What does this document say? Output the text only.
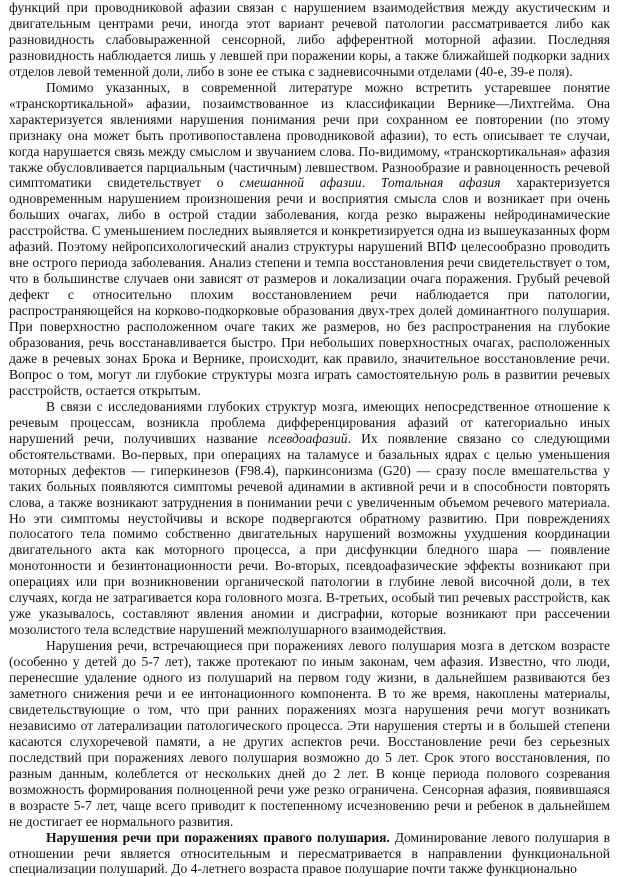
функций при проводниковой афазии связан с нарушением взаимодействия между акустическим и двигательным центрами речи, иногда этот вариант речевой патологии рассматривается либо как разновидность слабовыраженной сенсорной, либо афферентной моторной афазии. Последняя разновидность наблюдается лишь у левшей при поражении коры, а также ближайшей подкорки задних отделов левой теменной доли, либо в зоне ее стыка с задневисочными отделами (40-е, 39-е поля).

Помимо указанных, в современной литературе можно встретить устаревшее понятие «транскортикальной» афазии, позаимствованное из классификации Вернике—Лихтгейма. Она характеризуется явлениями нарушения понимания речи при сохранном ее повторении (по этому признаку она может быть противопоставлена проводниковой афазии), то есть описывает те случаи, когда нарушается связь между смыслом и звучанием слова. По-видимому, «транскортикальная» афазия также обусловливается парциальным (частичным) левшеством. Разнообразие и равноценность речевой симптоматики свидетельствует о смешанной афазии. Тотальная афазия характеризуется одновременным нарушением произношения речи и восприятия смысла слов и возникает при очень больших очагах, либо в острой стадии заболевания, когда резко выражены нейродинамические расстройства. С уменьшением последних выявляется и конкретизируется одна из вышеуказанных форм афазий. Поэтому нейропсихологический анализ структуры нарушений ВПФ целесообразно проводить вне острого периода заболевания. Анализ степени и темпа восстановления речи свидетельствует о том, что в большинстве случаев они зависят от размеров и локализации очага поражения. Грубый речевой дефект с относительно плохим восстановлением речи наблюдается при патологии, распространяющейся на корково-подкорковые образования двух-трех долей доминантного полушария. При поверхностно расположенном очаге таких же размеров, но без распространения на глубокие образования, речь восстанавливается быстро. При небольших поверхностных очагах, расположенных даже в речевых зонах Брока и Вернике, происходит, как правило, значительное восстановление речи. Вопрос о том, могут ли глубокие структуры мозга играть самостоятельную роль в развитии речевых расстройств, остается открытым.

В связи с исследованиями глубоких структур мозга, имеющих непосредственное отношение к речевым процессам, возникла проблема дифференцирования афазий от категориально иных нарушений речи, получивших название псевдоафазий. Их появление связано со следующими обстоятельствами. Во-первых, при операциях на таламусе и базальных ядрах с целью уменьшения моторных дефектов — гиперкинезов (F98.4), паркинсонизма (G20) — сразу после вмешательства у таких больных появляются симптомы речевой адинамии в активной речи и в способности повторять слова, а также возникают затруднения в понимании речи с увеличенным объемом речевого материала. Но эти симптомы неустойчивы и вскоре подвергаются обратному развитию. При повреждениях полосатого тела помимо собственно двигательных нарушений возможны ухудшения координации двигательного акта как моторного процесса, а при дисфункции бледного шара — появление монотонности и безинтонационности речи. Во-вторых, псевдоафазические эффекты возникают при операциях или при возникновении органической патологии в глубине левой височной доли, в тех случаях, когда не затрагивается кора головного мозга. В-третьих, особый тип речевых расстройств, как уже указывалось, составляют явления аномии и дисграфии, которые возникают при рассечении мозолистого тела вследствие нарушений межполушарного взаимодействия.

Нарушения речи, встречающиеся при поражениях левого полушария мозга в детском возрасте (особенно у детей до 5-7 лет), также протекают по иным законам, чем афазия. Известно, что люди, перенесшие удаление одного из полушарий на первом году жизни, в дальнейшем развиваются без заметного снижения речи и ее интонационного компонента. В то же время, накоплены материалы, свидетельствующие о том, что при ранних поражениях мозга нарушения речи могут возникать независимо от латерализации патологического процесса. Эти нарушения стерты и в большей степени касаются слухоречевой памяти, а не других аспектов речи. Восстановление речи без серьезных последствий при поражениях левого полушария возможно до 5 лет. Срок этого восстановления, по разным данным, колеблется от нескольких дней до 2 лет. В конце периода полового созревания возможность формирования полноценной речи уже резко ограничена. Сенсорная афазия, появившаяся в возрасте 5-7 лет, чаще всего приводит к постепенному исчезновению речи и ребенок в дальнейшем не достигает ее нормального развития.

Нарушения речи при поражениях правого полушария. Доминирование левого полушария в отношении речи является относительным и пересматривается в направлении функциональной специализации полушарий. До 4-летнего возраста правое полушарие почти также функционально
